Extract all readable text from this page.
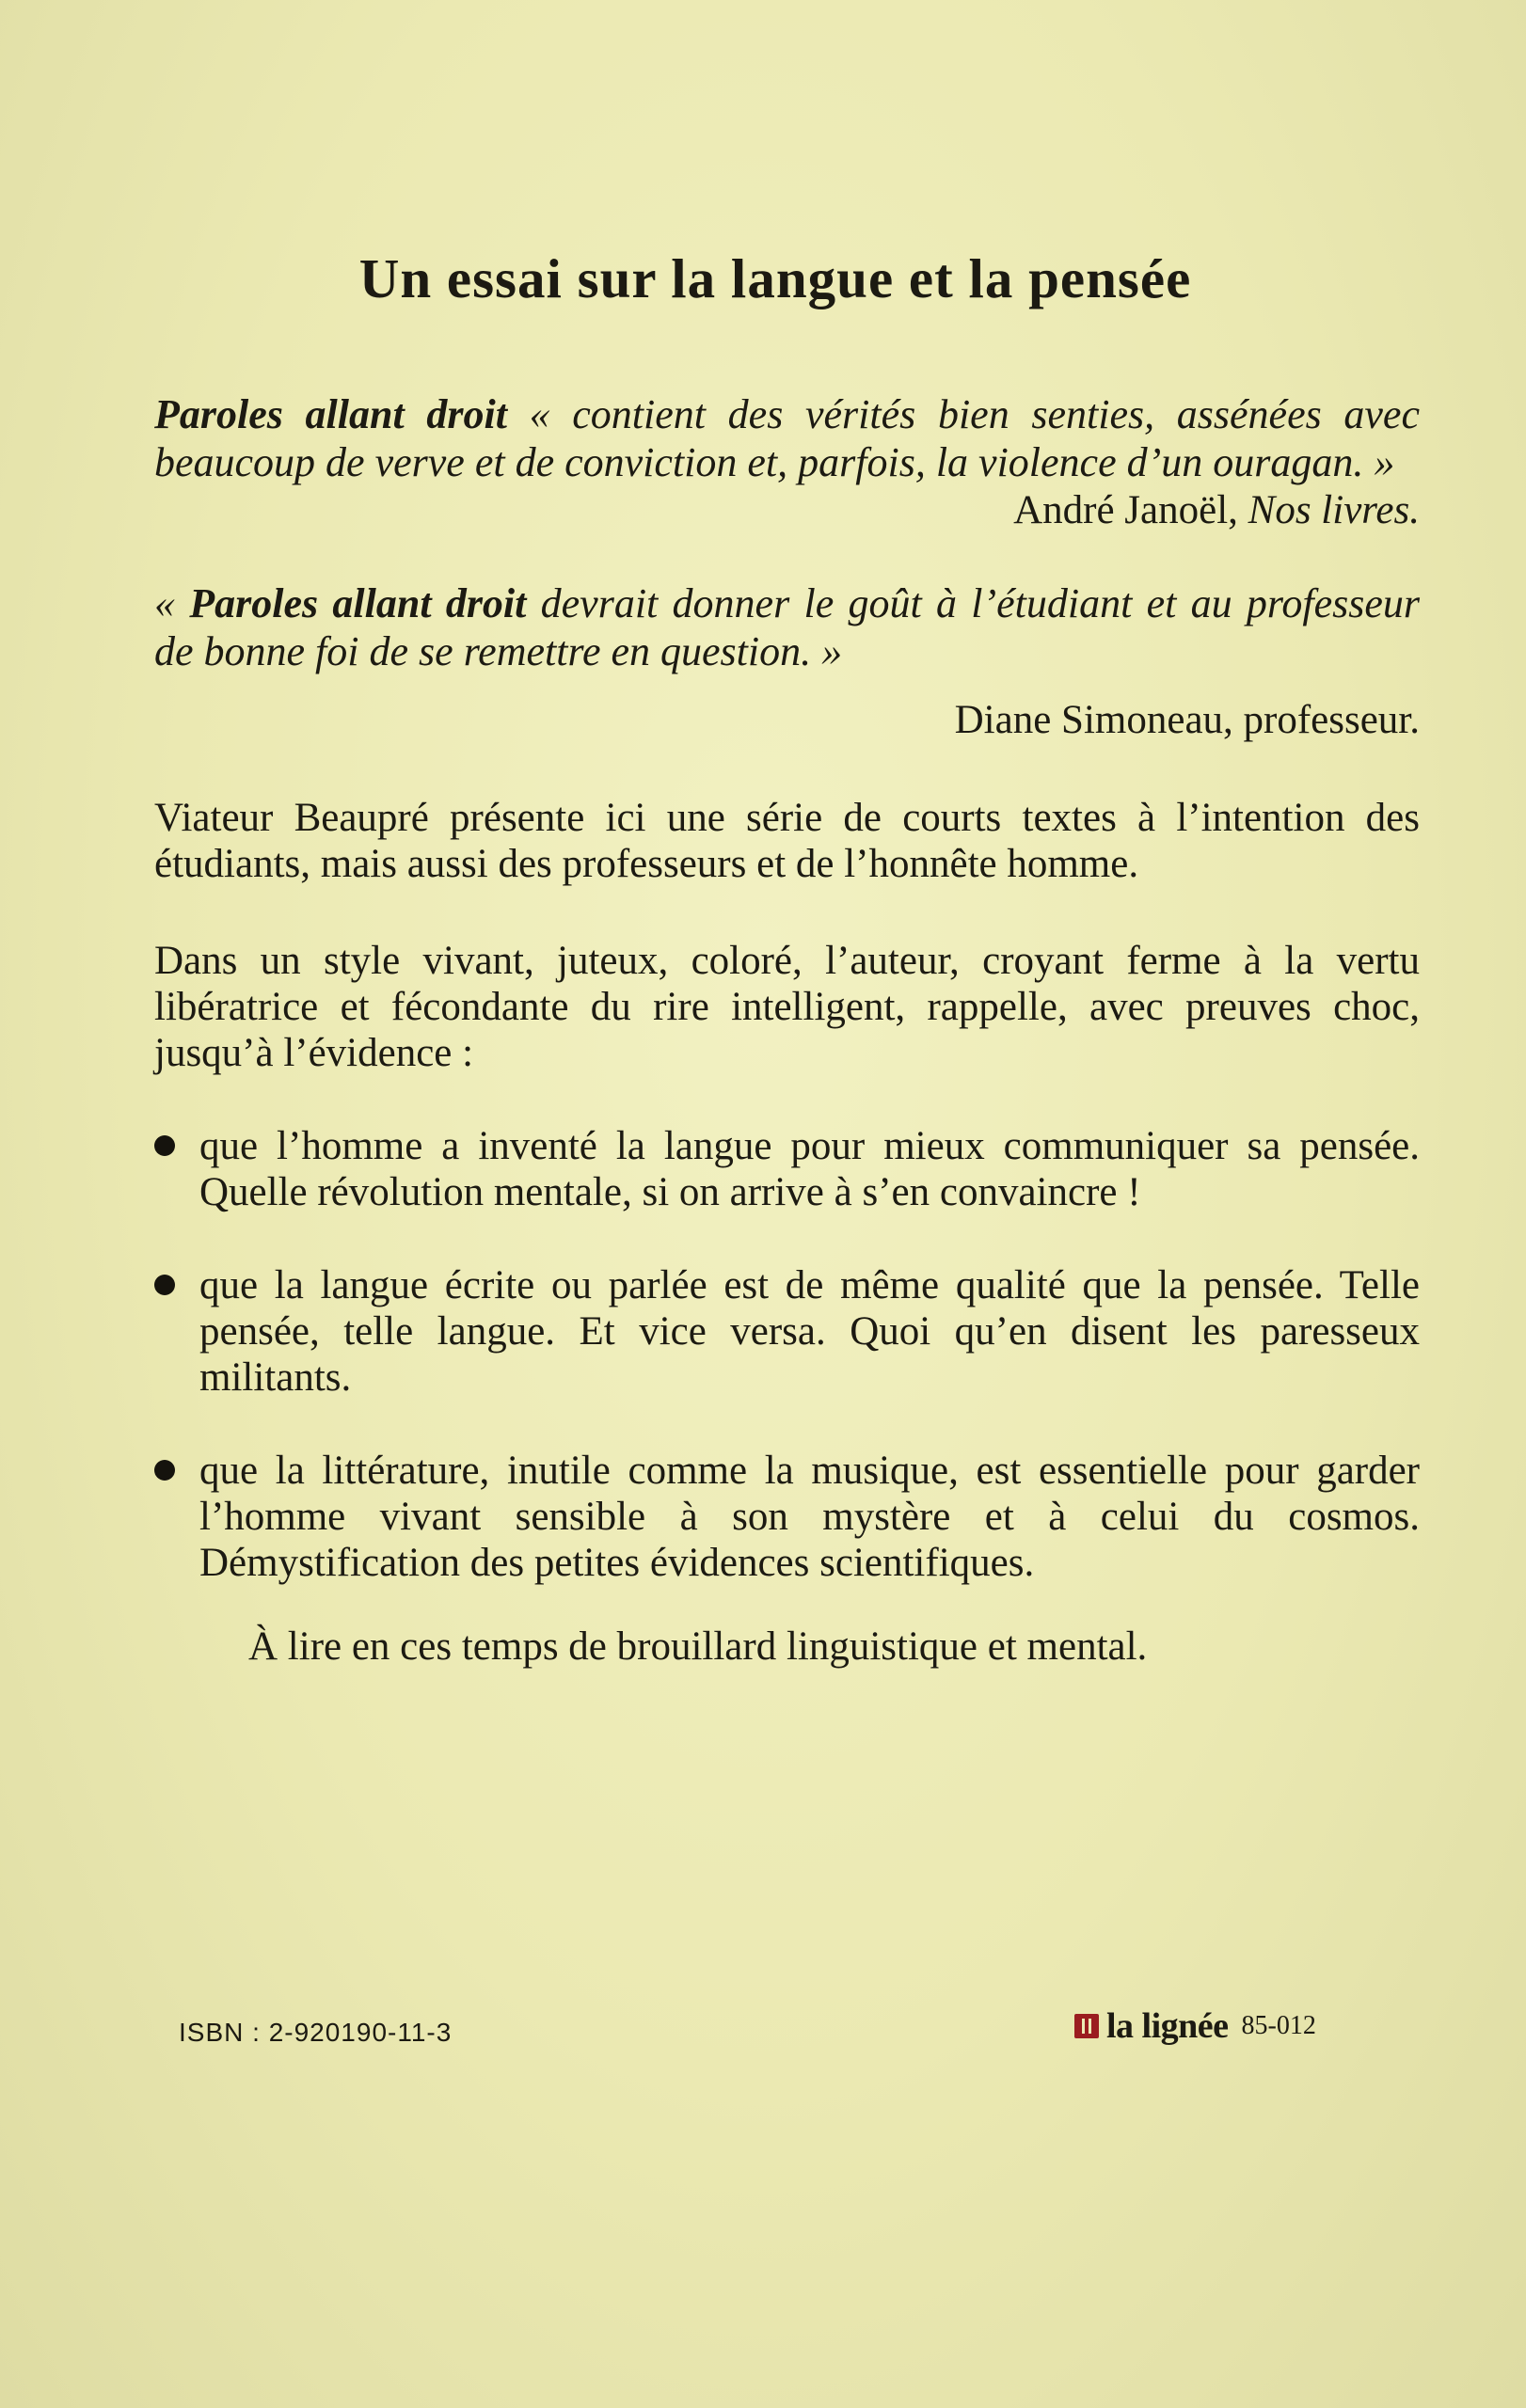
Un essai sur la langue et la pensée

Paroles allant droit « contient des vérités bien senties, assénées avec beaucoup de verve et de conviction et, parfois, la violence d’un ouragan. »

André Janoël, Nos livres.

« Paroles allant droit devrait donner le goût à l’étudiant et au professeur de bonne foi de se remettre en question. »

Diane Simoneau, professeur.

Viateur Beaupré présente ici une série de courts textes à l’intention des étudiants, mais aussi des professeurs et de l’honnête homme.

Dans un style vivant, juteux, coloré, l’auteur, croyant ferme à la vertu libératrice et fécondante du rire intelligent, rappelle, avec preuves choc, jusqu’à l’évidence :

que l’homme a inventé la langue pour mieux communiquer sa pensée. Quelle révolution mentale, si on arrive à s’en convaincre !
que la langue écrite ou parlée est de même qualité que la pensée. Telle pensée, telle langue. Et vice versa. Quoi qu’en disent les paresseux militants.
que la littérature, inutile comme la musique, est essentielle pour garder l’homme vivant sensible à son mystère et à celui du cosmos. Démystification des petites évidences scientifiques.

À lire en ces temps de brouillard linguistique et mental.

ISBN : 2-920190-11-3	la lignée 85-012
